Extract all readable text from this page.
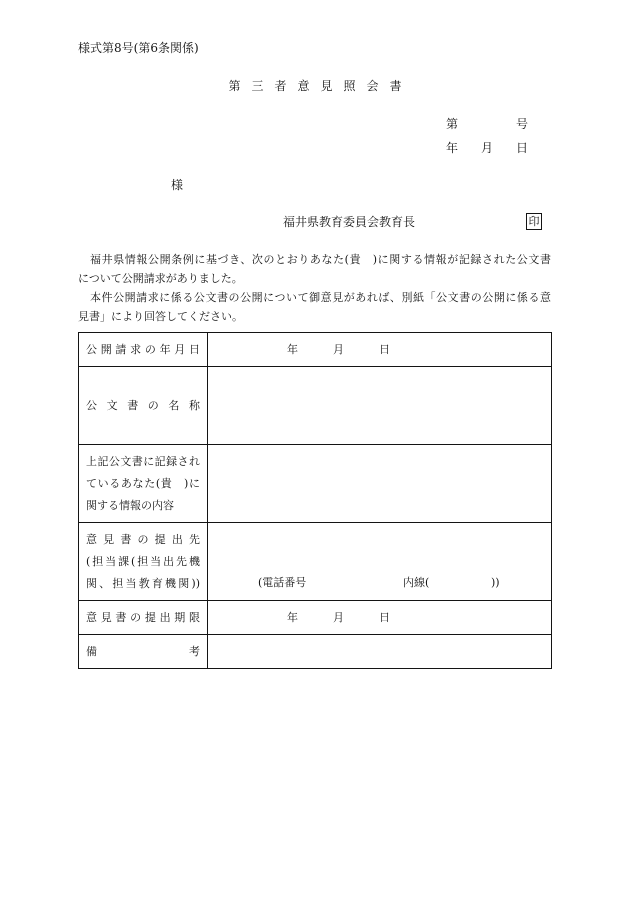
様式第8号(第6条関係)
第三者意見照会書
第	号
年 月 日
様
福井県教育委員会教育長	印
福井県情報公開条例に基づき、次のとおりあなた(貴　)に関する情報が記録された公文書
について公開請求がありました。
本件公開請求に係る公文書の公開について御意見があれば、別紙「公文書の公開に係る意
見書」により回答してください。
公開請求の年月日	年	月	日
公文書の名称
上記公文書に記録され
ているあなた(貴　)に
関する情報の内容
意見書の提出先
(担当課(担当出先機
関、担当教育機関))	(電話番号	内線(	))
意見書の提出期限	年	月	日
備考
